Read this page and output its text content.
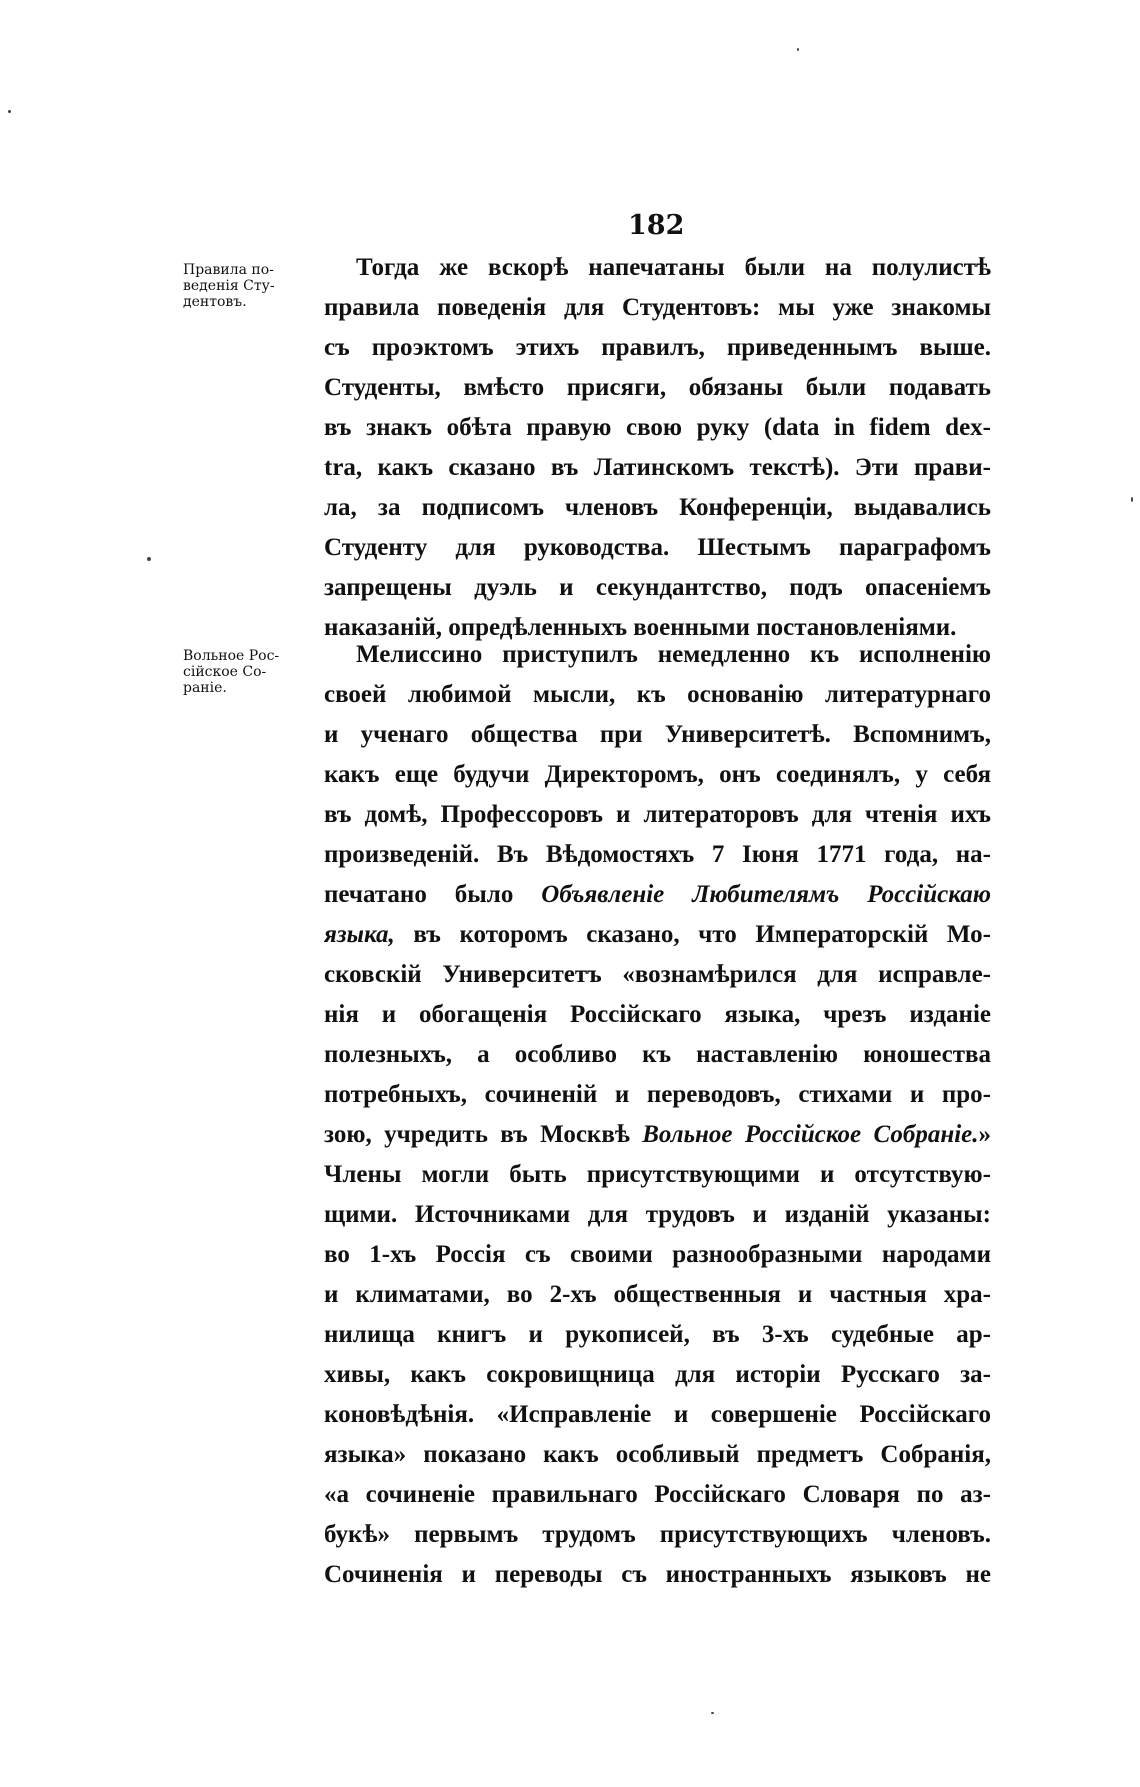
182
Правила по-
веденія Сту-
дентовъ.
Вольное Рос-
сійское Со-
ранie.
Тогда же вскорѣ напечатаны были на полулистѣ
правила поведенія для Студентовъ: мы уже знакомы
съ проэктомъ этихъ правилъ, приведеннымъ выше.
Студенты, вмѣсто присяги, обязаны были подавать
въ знакъ обѣта правую свою руку (data in fidem dex-
tra, какъ сказано въ Латинскомъ текстѣ). Эти прави-
ла, за подписомъ членовъ Конференціи, выдавались
Студенту для руководства. Шестымъ параграфомъ
запрещены дуэль и секундантство, подъ опасеніемъ
наказаній, опредѣленныхъ военными постановленіями.
Мелиссино приступилъ немедленно къ исполненію
своей любимой мысли, къ основанію литературнаго
и ученаго общества при Университетѣ. Вспомнимъ,
какъ еще будучи Директоромъ, онъ соединялъ, у себя
въ домѣ, Профессоровъ и литераторовъ для чтенія ихъ
произведеній. Въ Вѣдомостяхъ 7 Іюня 1771 года, на-
печатано было Объявленіе Любителямъ Россійскаю
языка, въ которомъ сказано, что Императорскій Мо-
сковскій Университетъ «вознамѣрился для исправле-
нія и обогащенія Россійскаго языка, чрезъ изданіе
полезныхъ, а особливо къ наставленію юношества
потребныхъ, сочиненій и переводовъ, стихами и про-
зою, учредить въ Москвѣ Вольное Россійское Собраніе.»
Члены могли быть присутствующими и отсутствую-
щими. Источниками для трудовъ и изданій указаны:
во 1-хъ Россія съ своими разнообразными народами
и климатами, во 2-хъ общественныя и частныя хра-
нилища книгъ и рукописей, въ 3-хъ судебные ар-
хивы, какъ сокровищница для исторіи Русскаго за-
коновѣдѣнія. «Исправленіе и совершеніе Россійскаго
языка» показано какъ особливый предметъ Собранія,
«а сочиненіе правильнаго Россійскаго Словаря по аз-
букѣ» первымъ трудомъ присутствующихъ членовъ.
Сочиненія и переводы съ иностранныхъ языковъ не
